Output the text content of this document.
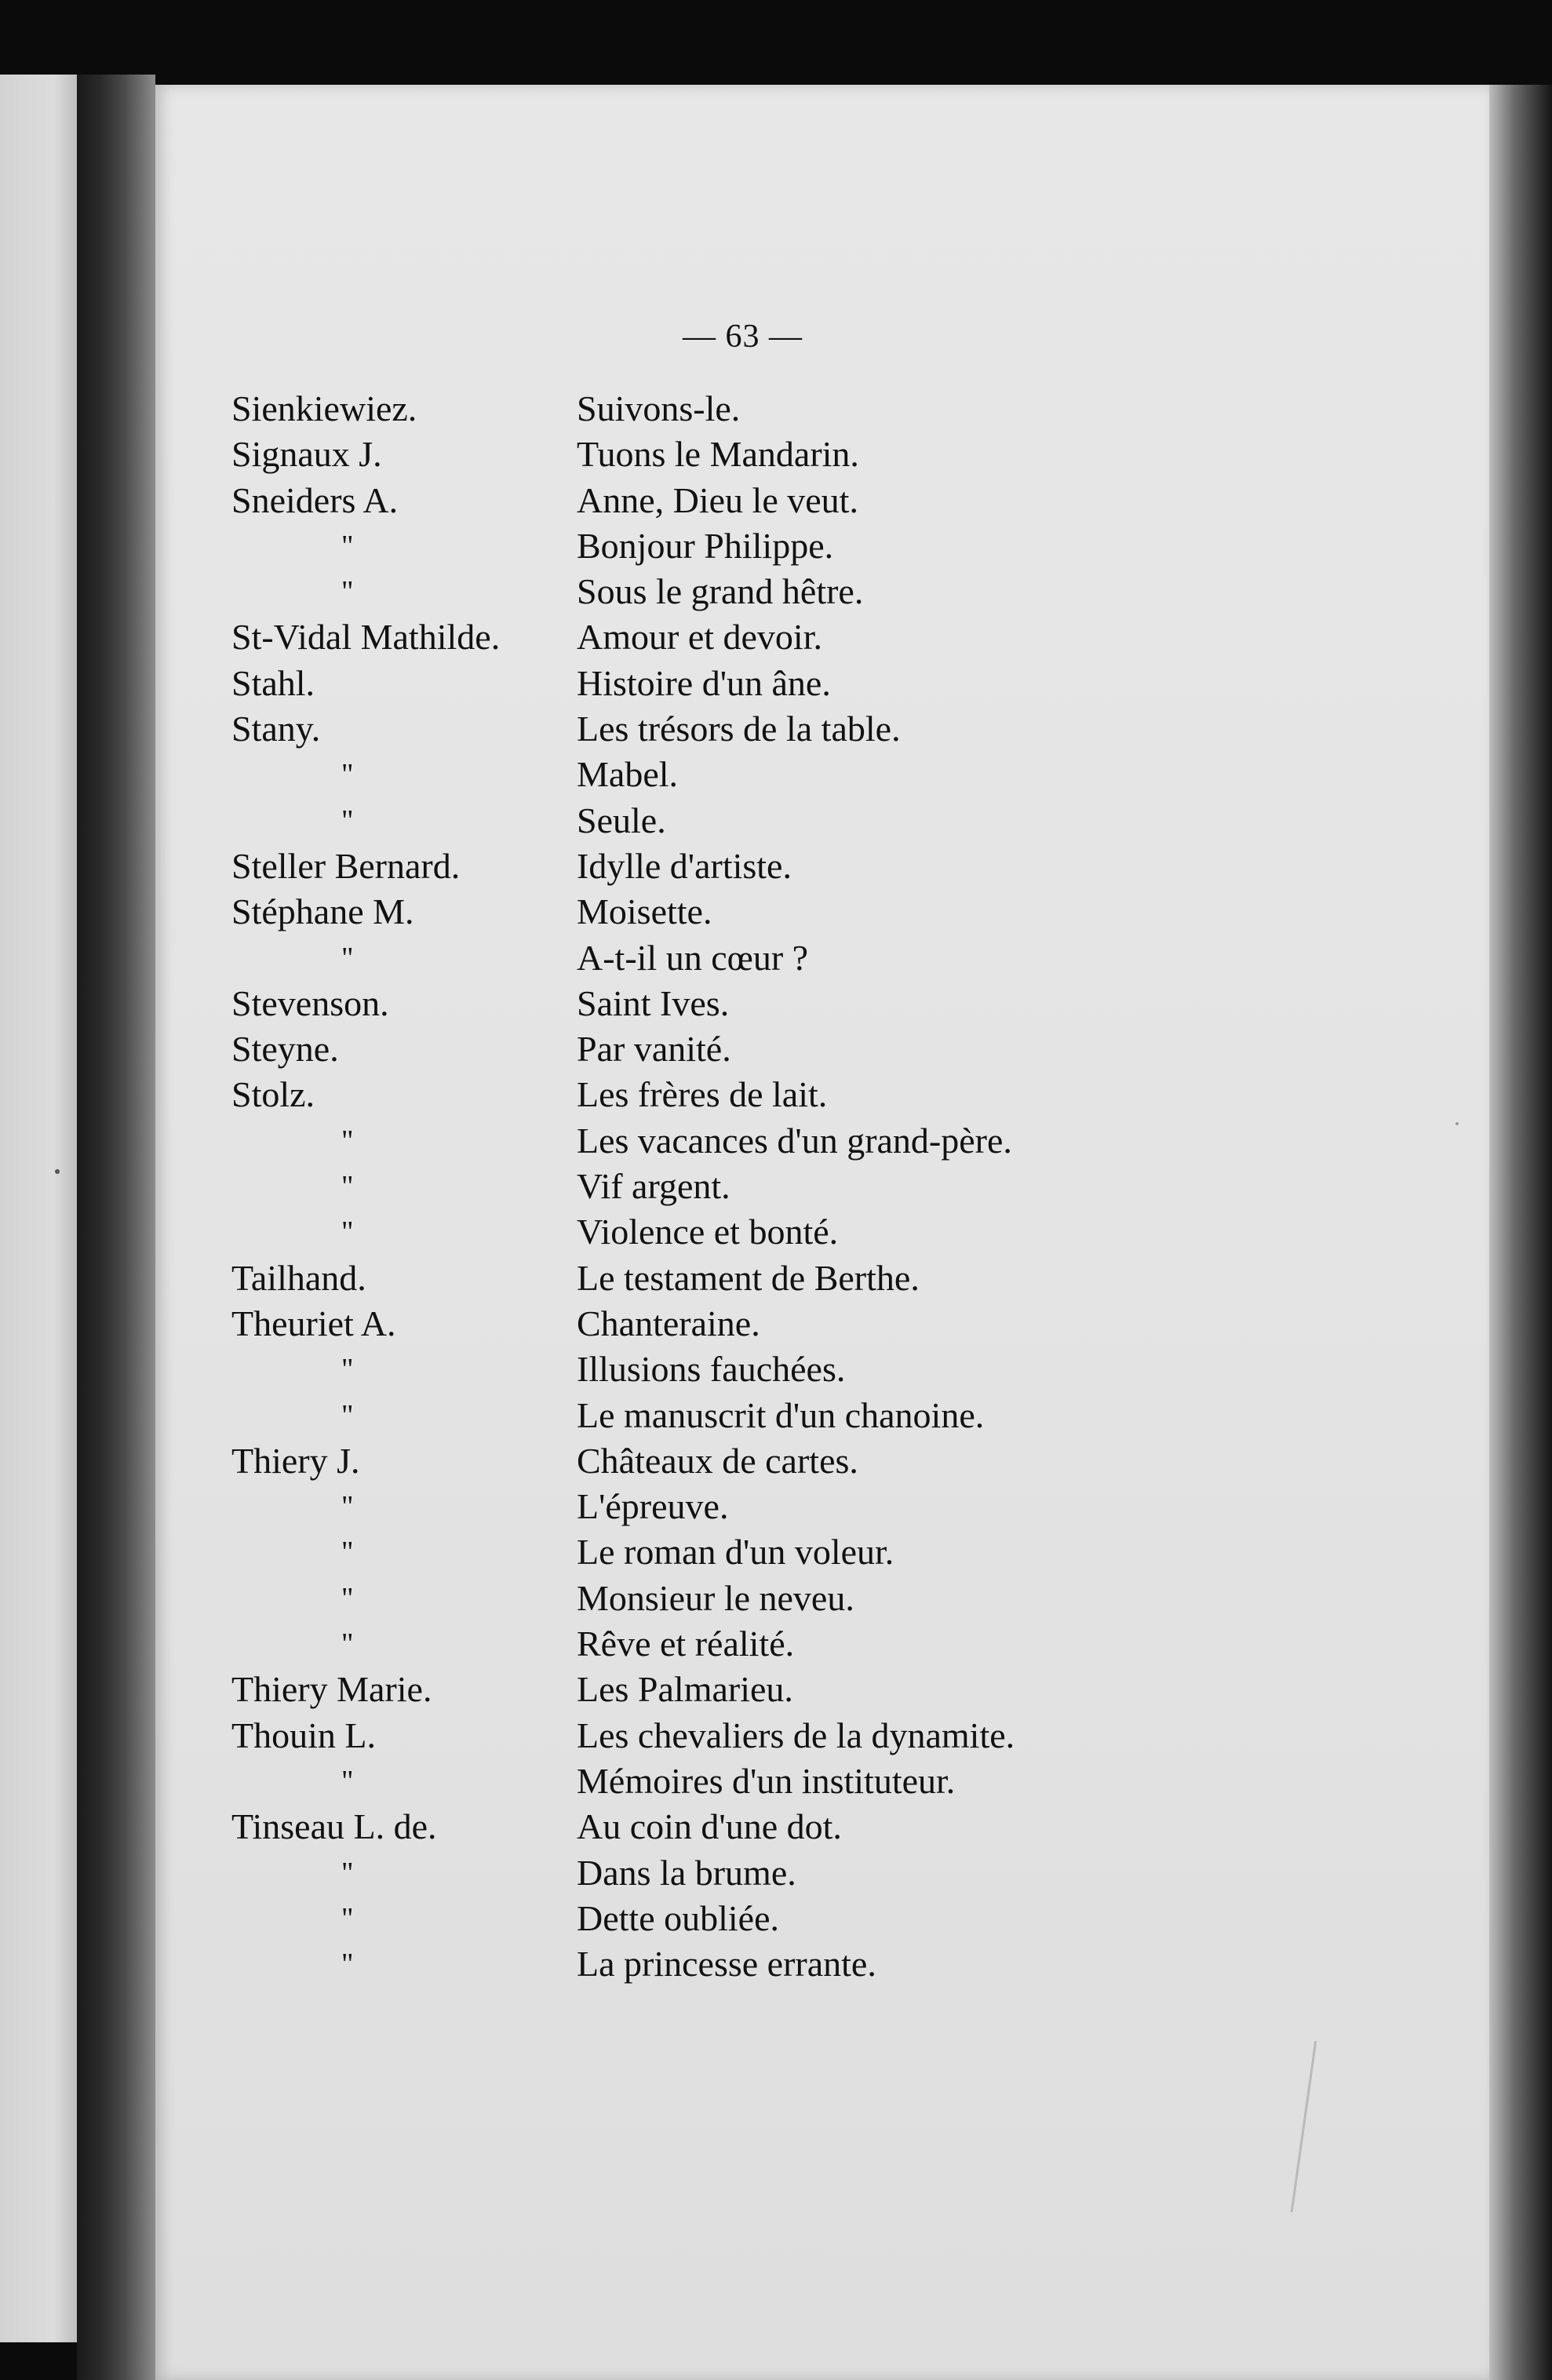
— 63 —
Sienkiewiez.
Signaux J.
Sneiders A.
"
"
St-Vidal Mathilde.
Stahl.
Stany.
"
"
Steller Bernard.
Stéphane M.
"
Stevenson.
Steyne.
Stolz.
"
"
"
Tailhand.
Theuriet A.
"
"
Thiery J.
"
"
"
"
Thiery Marie.
Thouin L.
"
Tinseau L. de.
"
"
"
Suivons-le.
Tuons le Mandarin.
Anne, Dieu le veut.
Bonjour Philippe.
Sous le grand hêtre.
Amour et devoir.
Histoire d'un âne.
Les trésors de la table.
Mabel.
Seule.
Idylle d'artiste.
Moisette.
A-t-il un cœur ?
Saint Ives.
Par vanité.
Les frères de lait.
Les vacances d'un grand-père.
Vif argent.
Violence et bonté.
Le testament de Berthe.
Chanteraine.
Illusions fauchées.
Le manuscrit d'un chanoine.
Châteaux de cartes.
L'épreuve.
Le roman d'un voleur.
Monsieur le neveu.
Rêve et réalité.
Les Palmarieu.
Les chevaliers de la dynamite.
Mémoires d'un instituteur.
Au coin d'une dot.
Dans la brume.
Dette oubliée.
La princesse errante.
